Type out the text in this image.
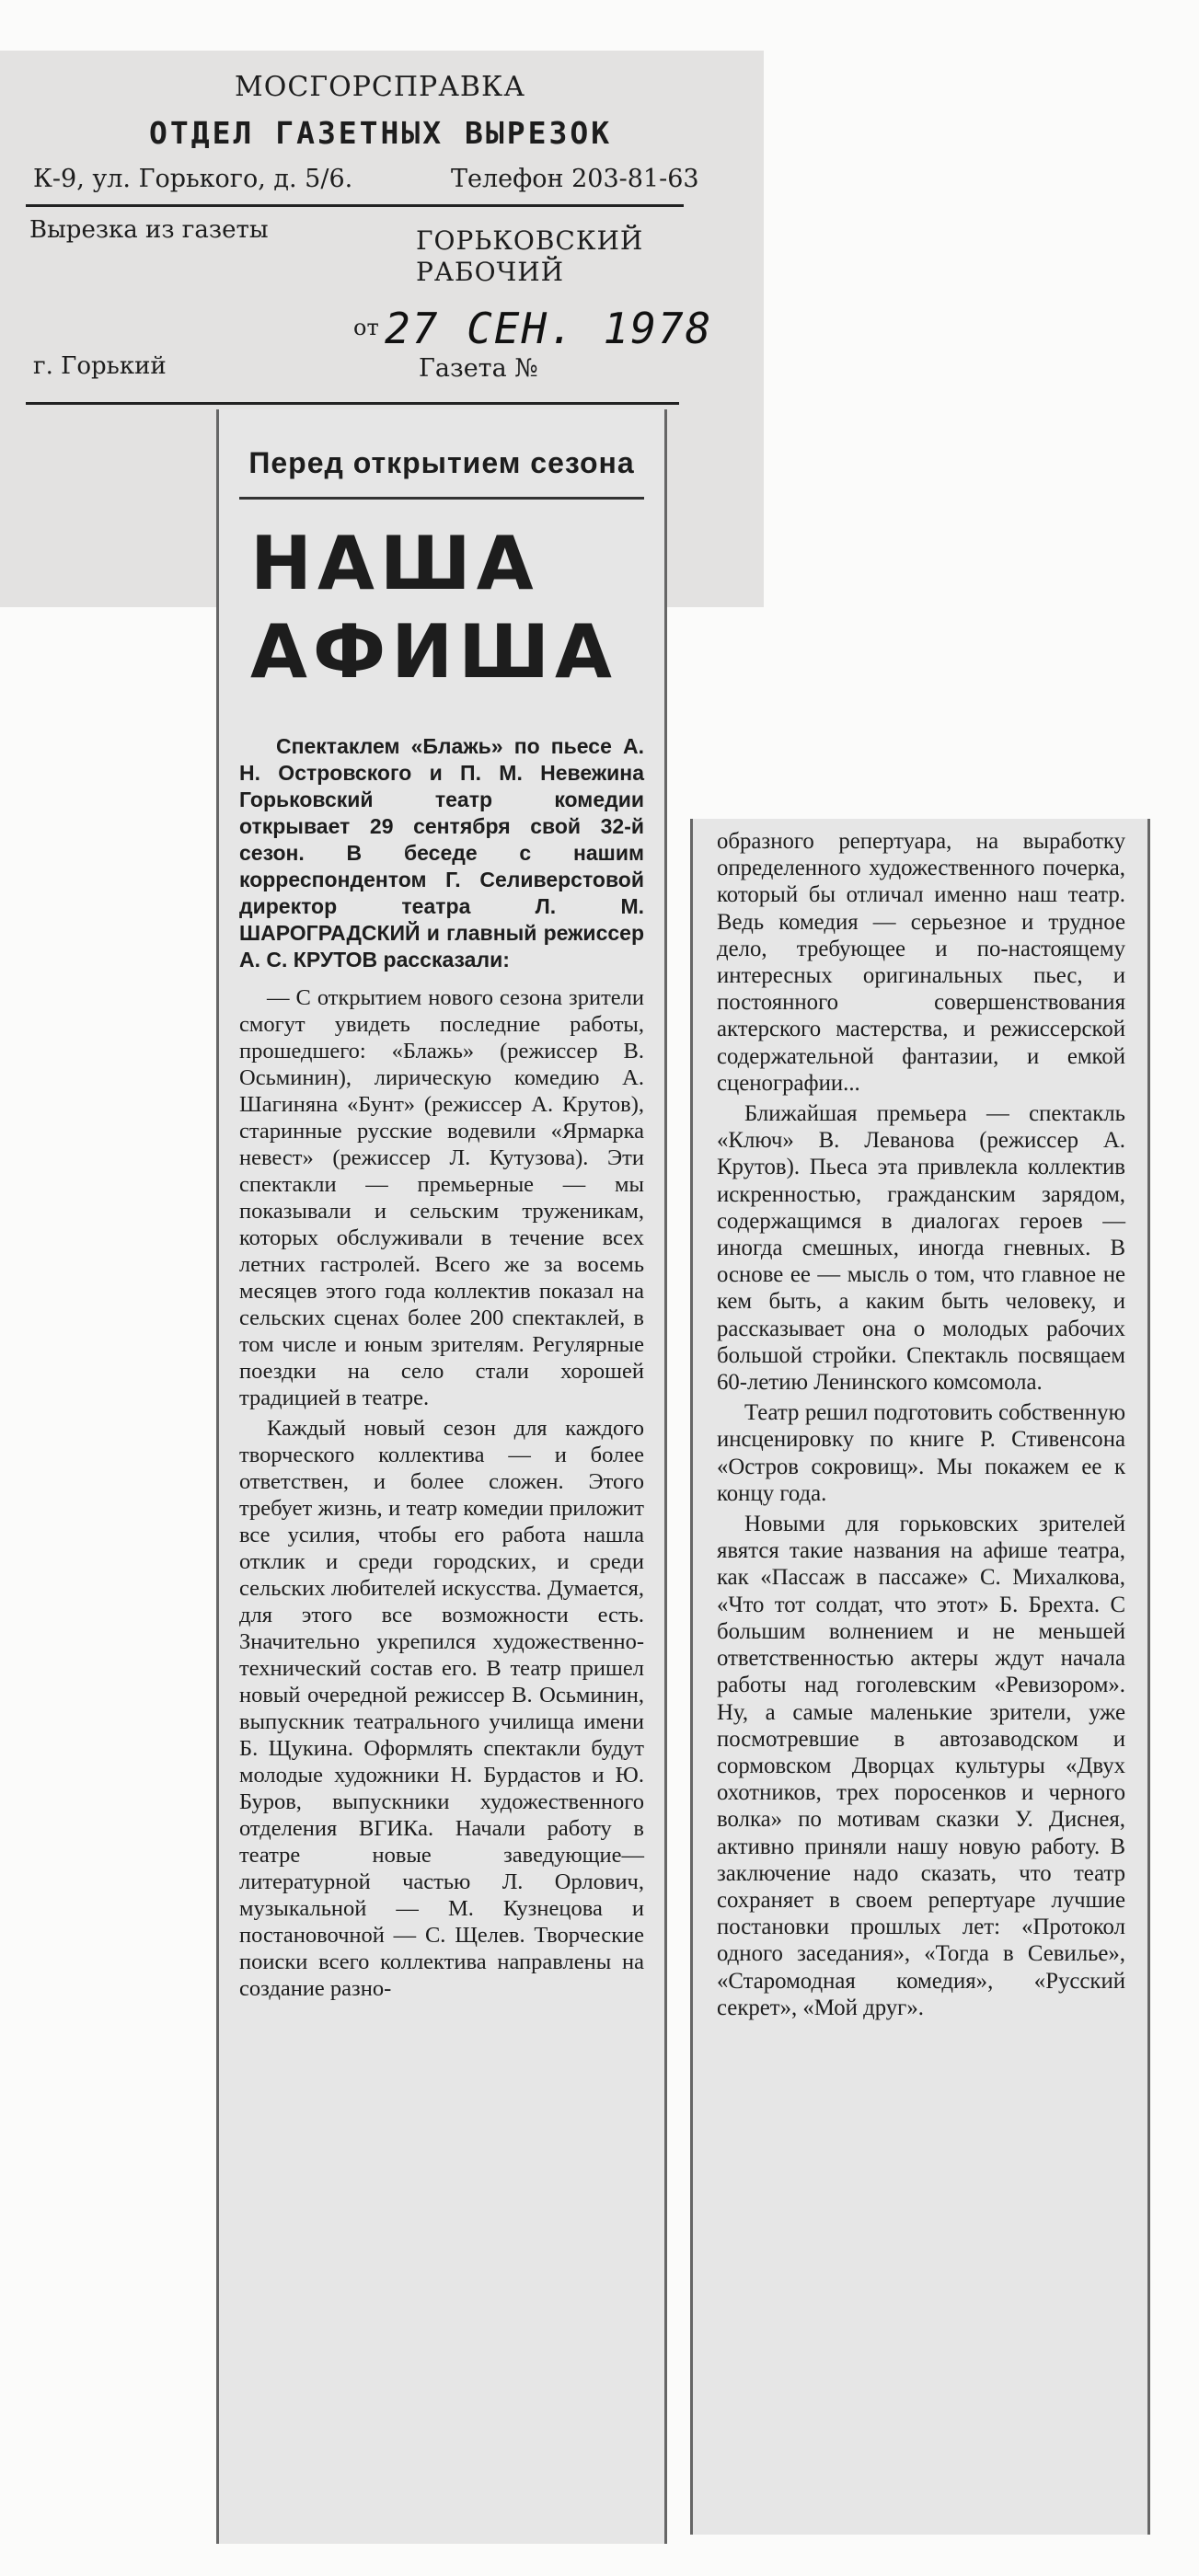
МОСГОРСПРАВКА

ОТДЕЛ ГАЗЕТНЫХ ВЫРЕЗОК

К-9, ул. Горького, д. 5/6.	Телефон 203-81-63

Вырезка из газеты	ГОРЬКОВСКИЙ
РАБОЧИЙ

от 27 СЕН. 1978

г. Горький	Газета №

Перед открытием сезона
НАША
АФИША

Спектаклем «Блажь» по пьесе А. Н. Островского и П. М. Невежина Горьковский театр комедии открывает 29 сентября свой 32-й сезон. В беседе с нашим корреспондентом Г. Селиверстовой директор театра Л. М. ШАРОГРАДСКИЙ и главный режиссер А. С. КРУТОВ рассказали:

— С открытием нового сезона зрители смогут увидеть последние работы, прошедшего: «Блажь» (режиссер В. Осьминин), лирическую комедию А. Шагиняна «Бунт» (режиссер А. Крутов), старинные русские водевили «Ярмарка невест» (режиссер Л. Кутузова). Эти спектакли — премьерные — мы показывали и сельским труженикам, которых обслуживали в течение всех летних гастролей. Всего же за восемь месяцев этого года коллектив показал на сельских сценах более 200 спектаклей, в том числе и юным зрителям. Регулярные поездки на село стали хорошей традицией в театре.

Каждый новый сезон для каждого творческого коллектива — и более ответствен, и более сложен. Этого требует жизнь, и театр комедии приложит все усилия, чтобы его работа нашла отклик и среди городских, и среди сельских любителей искусства. Думается, для этого все возможности есть. Значительно укрепился художественно-технический состав его. В театр пришел новый очередной режиссер В. Осьминин, выпускник театрального училища имени Б. Щукина. Оформлять спектакли будут молодые художники Н. Бурдастов и Ю. Буров, выпускники художественного отделения ВГИКа. Начали работу в театре новые заведующие— литературной частью Л. Орлович, музыкальной — М. Кузнецова и постановочной — С. Щелев. Творческие поиски всего коллектива направлены на создание разно-

образного репертуара, на выработку определенного художественного почерка, который бы отличал именно наш театр. Ведь комедия — серьезное и трудное дело, требующее и по-настоящему интересных оригинальных пьес, и постоянного совершенствования актерского мастерства, и режиссерской содержательной фантазии, и емкой сценографии...

Ближайшая премьера — спектакль «Ключ» В. Леванова (режиссер А. Крутов). Пьеса эта привлекла коллектив искренностью, гражданским зарядом, содержащимся в диалогах героев — иногда смешных, иногда гневных. В основе ее — мысль о том, что главное не кем быть, а каким быть человеку, и рассказывает она о молодых рабочих большой стройки. Спектакль посвящаем 60-летию Ленинского комсомола.

Театр решил подготовить собственную инсценировку по книге Р. Стивенсона «Остров сокровищ». Мы покажем ее к концу года.

Новыми для горьковских зрителей явятся такие названия на афише театра, как «Пассаж в пассаже» С. Михалкова, «Что тот солдат, что этот» Б. Брехта. С большим волнением и не меньшей ответственностью актеры ждут начала работы над гоголевским «Ревизором». Ну, а самые маленькие зрители, уже посмотревшие в автозаводском и сормовском Дворцах культуры «Двух охотников, трех поросенков и черного волка» по мотивам сказки У. Диснея, активно приняли нашу новую работу. В заключение надо сказать, что театр сохраняет в своем репертуаре лучшие постановки прошлых лет: «Протокол одного заседания», «Тогда в Севилье», «Старомодная комедия», «Русский секрет», «Мой друг».
